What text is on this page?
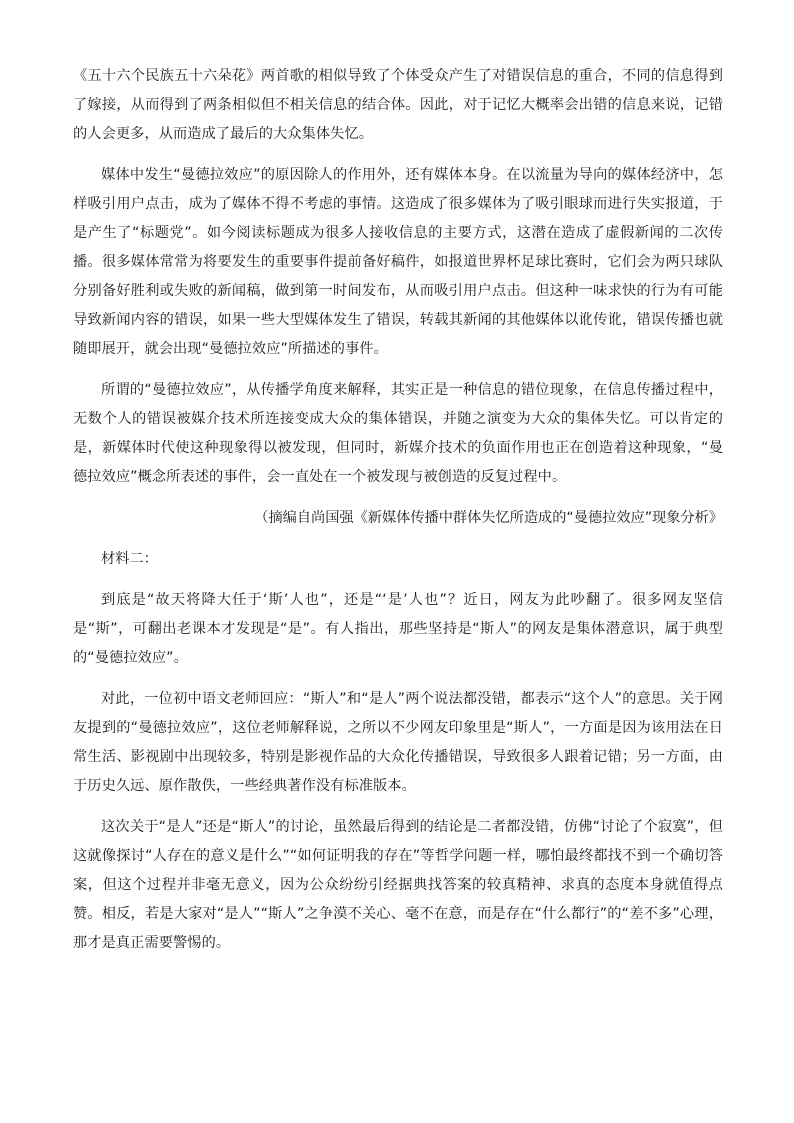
《五十六个民族五十六朵花》两首歌的相似导致了个体受众产生了对错误信息的重合，不同的信息得到了嫁接，从而得到了两条相似但不相关信息的结合体。因此，对于记忆大概率会出错的信息来说，记错的人会更多，从而造成了最后的大众集体失忆。

媒体中发生“曼德拉效应”的原因除人的作用外，还有媒体本身。在以流量为导向的媒体经济中，怎样吸引用户点击，成为了媒体不得不考虑的事情。这造成了很多媒体为了吸引眼球而进行失实报道，于是产生了“标题党”。如今阅读标题成为很多人接收信息的主要方式，这潜在造成了虚假新闻的二次传播。很多媒体常常为将要发生的重要事件提前备好稿件，如报道世界杯足球比赛时，它们会为两只球队分别备好胜利或失败的新闻稿，做到第一时间发布，从而吸引用户点击。但这种一味求快的行为有可能导致新闻内容的错误，如果一些大型媒体发生了错误，转载其新闻的其他媒体以讹传讹，错误传播也就随即展开，就会出现“曼德拉效应”所描述的事件。

所谓的“曼德拉效应”，从传播学角度来解释，其实正是一种信息的错位现象，在信息传播过程中，无数个人的错误被媒介技术所连接变成大众的集体错误，并随之演变为大众的集体失忆。可以肯定的是，新媒体时代使这种现象得以被发现，但同时，新媒介技术的负面作用也正在创造着这种现象，“曼德拉效应”概念所表述的事件，会一直处在一个被发现与被创造的反复过程中。

（摘编自尚国强《新媒体传播中群体失忆所造成的“曼德拉效应”现象分析》

材料二：

到底是“故天将降大任于‘斯’人也”，还是“‘是’人也”？近日，网友为此吵翻了。很多网友坚信是“斯”，可翻出老课本才发现是“是”。有人指出，那些坚持是“斯人”的网友是集体潜意识，属于典型的“曼德拉效应”。

对此，一位初中语文老师回应：“斯人”和“是人”两个说法都没错，都表示“这个人”的意思。关于网友提到的“曼德拉效应”，这位老师解释说，之所以不少网友印象里是“斯人”，一方面是因为该用法在日常生活、影视剧中出现较多，特别是影视作品的大众化传播错误，导致很多人跟着记错；另一方面，由于历史久远、原作散佚，一些经典著作没有标准版本。

这次关于“是人”还是“斯人”的讨论，虽然最后得到的结论是二者都没错，仿佛“讨论了个寂寞”，但这就像探讨“人存在的意义是什么”“如何证明我的存在”等哲学问题一样，哪怕最终都找不到一个确切答案，但这个过程并非毫无意义，因为公众纷纷引经据典找答案的较真精神、求真的态度本身就值得点赞。相反，若是大家对“是人”“斯人”之争漠不关心、毫不在意，而是存在“什么都行”的“差不多”心理，那才是真正需要警惕的。
